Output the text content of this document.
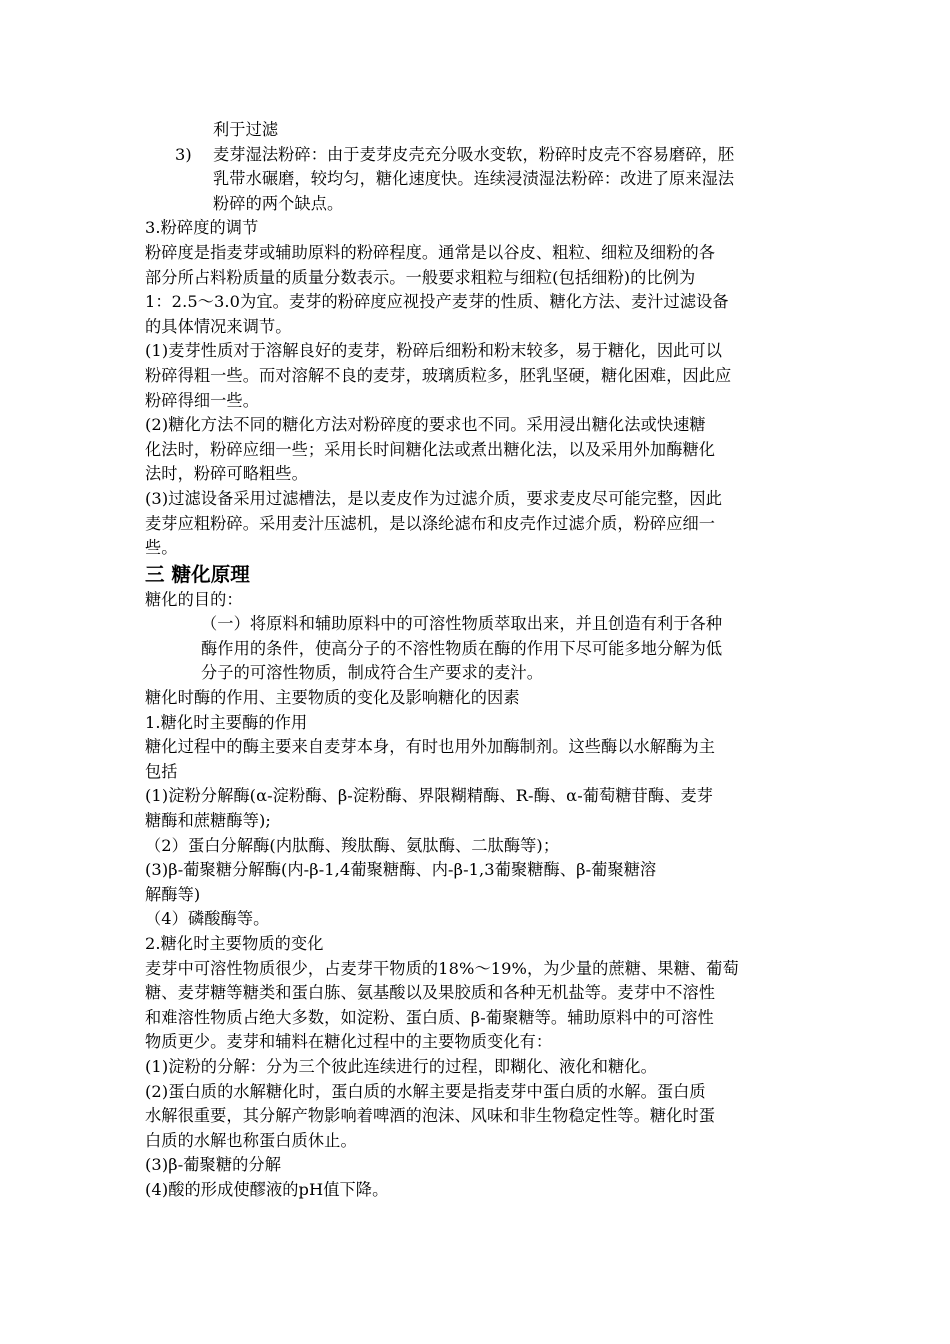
利于过滤
3) 麦芽湿法粉碎：由于麦芽皮壳充分吸水变软，粉碎时皮壳不容易磨碎，胚
乳带水碾磨，较均匀，糖化速度快。连续浸渍湿法粉碎：改进了原来湿法
粉碎的两个缺点。
3.粉碎度的调节
粉碎度是指麦芽或辅助原料的粉碎程度。通常是以谷皮、粗粒、细粒及细粉的各
部分所占料粉质量的质量分数表示。一般要求粗粒与细粒(包括细粉)的比例为
1：2.5～3.0为宜。麦芽的粉碎度应视投产麦芽的性质、糖化方法、麦汁过滤设备
的具体情况来调节。
(1)麦芽性质对于溶解良好的麦芽，粉碎后细粉和粉末较多，易于糖化，因此可以
粉碎得粗一些。而对溶解不良的麦芽，玻璃质粒多，胚乳坚硬，糖化困难，因此应
粉碎得细一些。
(2)糖化方法不同的糖化方法对粉碎度的要求也不同。采用浸出糖化法或快速糖
化法时，粉碎应细一些；采用长时间糖化法或煮出糖化法，以及采用外加酶糖化
法时，粉碎可略粗些。
(3)过滤设备采用过滤槽法，是以麦皮作为过滤介质，要求麦皮尽可能完整，因此
麦芽应粗粉碎。采用麦汁压滤机，是以涤纶滤布和皮壳作过滤介质，粉碎应细一
些。
三 糖化原理
糖化的目的：
（一）将原料和辅助原料中的可溶性物质萃取出来，并且创造有利于各种
酶作用的条件，使高分子的不溶性物质在酶的作用下尽可能多地分解为低
分子的可溶性物质，制成符合生产要求的麦汁。
糖化时酶的作用、主要物质的变化及影响糖化的因素
1.糖化时主要酶的作用
糖化过程中的酶主要来自麦芽本身，有时也用外加酶制剂。这些酶以水解酶为主
包括
(1)淀粉分解酶(α-淀粉酶、β-淀粉酶、界限糊精酶、R-酶、α-葡萄糖苷酶、麦芽
糖酶和蔗糖酶等);
（2）蛋白分解酶(内肽酶、羧肽酶、氨肽酶、二肽酶等)；
(3)β-葡聚糖分解酶(内-β-1,4葡聚糖酶、内-β-1,3葡聚糖酶、β-葡聚糖溶
解酶等)
（4）磷酸酶等。
2.糖化时主要物质的变化
麦芽中可溶性物质很少，占麦芽干物质的18%～19%，为少量的蔗糖、果糖、葡萄
糖、麦芽糖等糖类和蛋白胨、氨基酸以及果胶质和各种无机盐等。麦芽中不溶性
和难溶性物质占绝大多数，如淀粉、蛋白质、β-葡聚糖等。辅助原料中的可溶性
物质更少。麦芽和辅料在糖化过程中的主要物质变化有：
(1)淀粉的分解：分为三个彼此连续进行的过程，即糊化、液化和糖化。
(2)蛋白质的水解糖化时，蛋白质的水解主要是指麦芽中蛋白质的水解。蛋白质
水解很重要，其分解产物影响着啤酒的泡沫、风味和非生物稳定性等。糖化时蛋
白质的水解也称蛋白质休止。
(3)β-葡聚糖的分解
(4)酸的形成使醪液的pH值下降。
